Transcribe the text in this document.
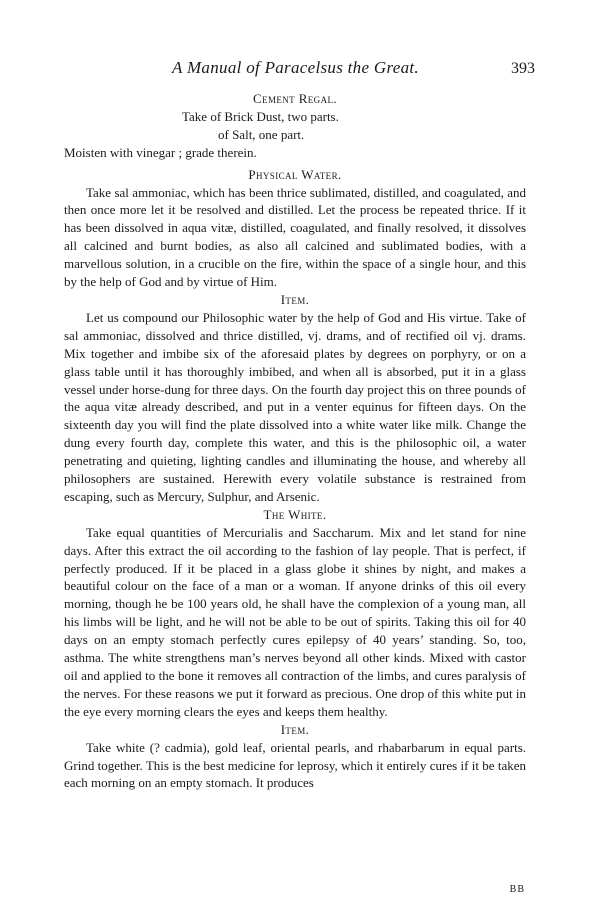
A Manual of Paracelsus the Great.	393

Cement Regal.

Take of Brick Dust, two parts.

of Salt, one part.

Moisten with vinegar ; grade therein.

Physical Water.

Take sal ammoniac, which has been thrice sublimated, distilled, and coagulated, and then once more let it be resolved and distilled. Let the process be repeated thrice. If it has been dissolved in aqua vitæ, distilled, coagulated, and finally resolved, it dissolves all calcined and burnt bodies, as also all calcined and sublimated bodies, with a marvellous solution, in a crucible on the fire, within the space of a single hour, and this by the help of God and by virtue of Him.

Item.

Let us compound our Philosophic water by the help of God and His virtue. Take of sal ammoniac, dissolved and thrice distilled, vj. drams, and of rectified oil vj. drams. Mix together and imbibe six of the aforesaid plates by degrees on porphyry, or on a glass table until it has thoroughly imbibed, and when all is absorbed, put it in a glass vessel under horse-dung for three days. On the fourth day project this on three pounds of the aqua vitæ already described, and put in a venter equinus for fifteen days. On the sixteenth day you will find the plate dissolved into a white water like milk. Change the dung every fourth day, complete this water, and this is the philosophic oil, a water penetrating and quieting, lighting candles and illuminating the house, and whereby all philosophers are sustained. Herewith every volatile substance is restrained from escaping, such as Mercury, Sulphur, and Arsenic.

The White.

Take equal quantities of Mercurialis and Saccharum. Mix and let stand for nine days. After this extract the oil according to the fashion of lay people. That is perfect, if perfectly produced. If it be placed in a glass globe it shines by night, and makes a beautiful colour on the face of a man or a woman. If anyone drinks of this oil every morning, though he be 100 years old, he shall have the complexion of a young man, all his limbs will be light, and he will not be able to be out of spirits. Taking this oil for 40 days on an empty stomach perfectly cures epilepsy of 40 years’ standing. So, too, asthma. The white strengthens man’s nerves beyond all other kinds. Mixed with castor oil and applied to the bone it removes all contraction of the limbs, and cures paralysis of the nerves. For these reasons we put it forward as precious. One drop of this white put in the eye every morning clears the eyes and keeps them healthy.

Item.

Take white (? cadmia), gold leaf, oriental pearls, and rhabarbarum in equal parts. Grind together. This is the best medicine for leprosy, which it entirely cures if it be taken each morning on an empty stomach. It produces

BB
